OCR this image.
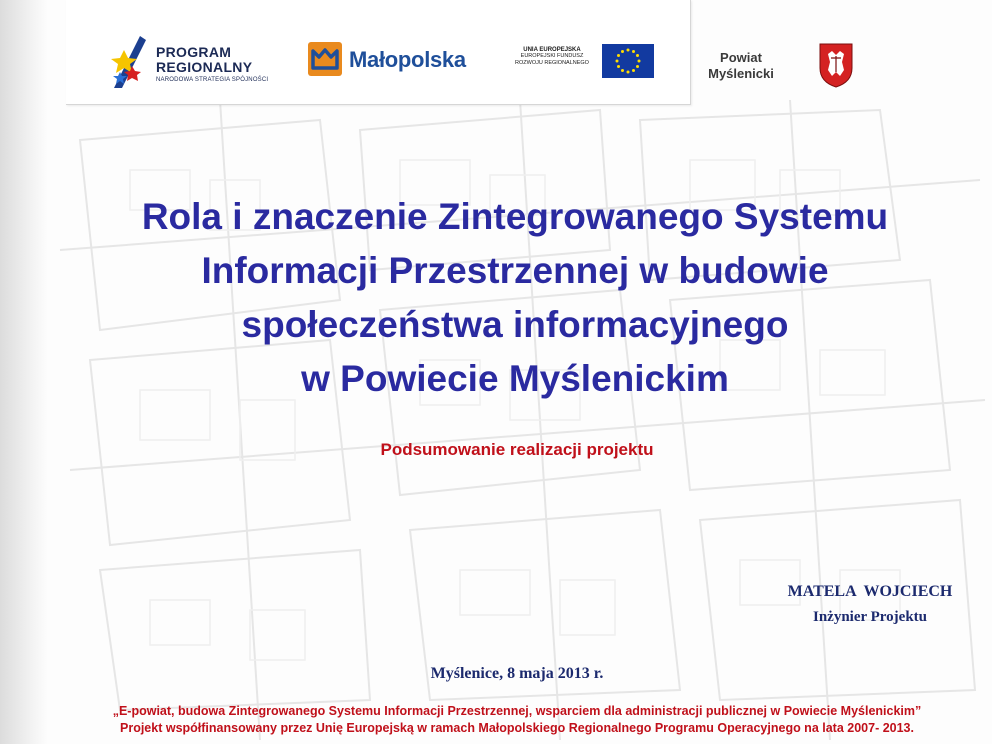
PROGRAM
REGIONALNY
NARODOWA STRATEGIA SPÓJNOŚCI
Małopolska	UNIA EUROPEJSKA
EUROPEJSKI FUNDUSZ
ROZWOJU REGIONALNEGO	Powiat
Myślenicki
Rola i znaczenie Zintegrowanego Systemu
Informacji Przestrzennej w budowie
społeczeństwa informacyjnego
w Powiecie Myślenickim
Podsumowanie realizacji projektu
MATELA WOJCIECH
Inżynier Projektu
Myślenice, 8 maja 2013 r.
„E-powiat, budowa Zintegrowanego Systemu Informacji Przestrzennej, wsparciem dla administracji publicznej w Powiecie Myślenickim”
Projekt współfinansowany przez Unię Europejską w ramach Małopolskiego Regionalnego Programu Operacyjnego na lata 2007- 2013.
